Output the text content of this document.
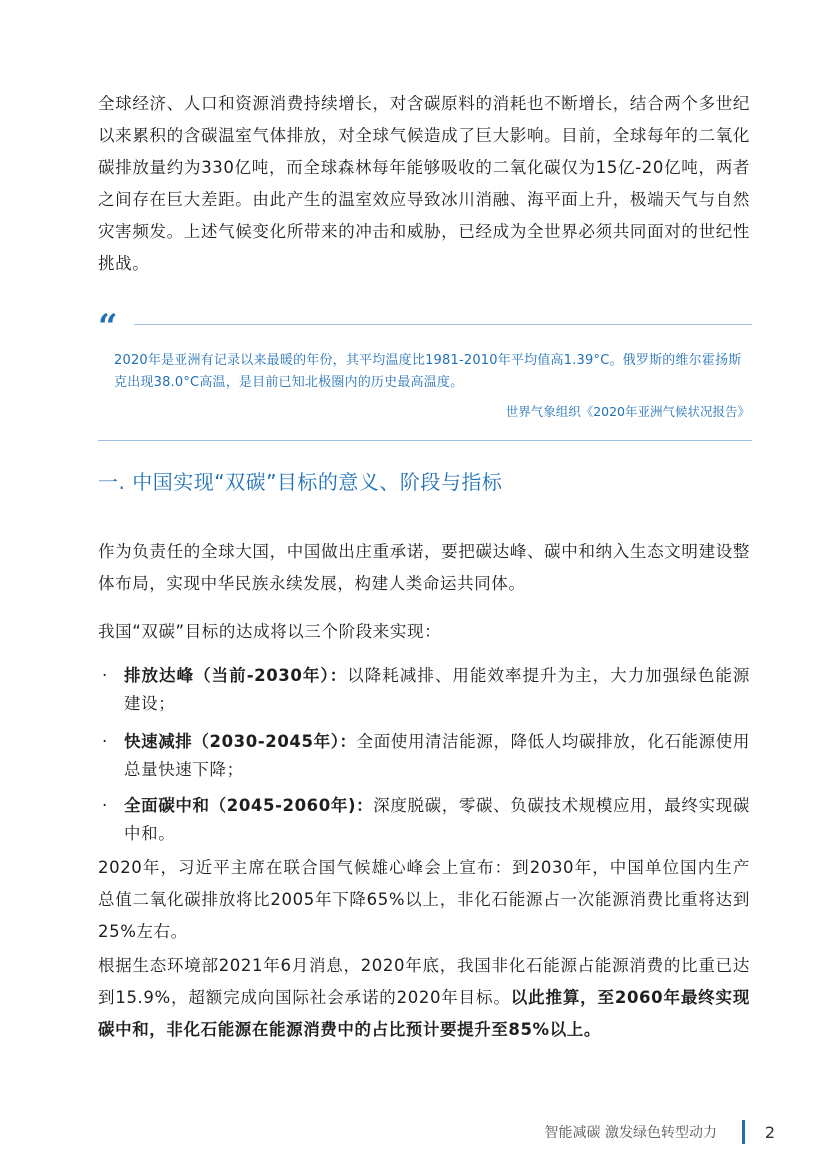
全球经济、人口和资源消费持续增长，对含碳原料的消耗也不断增长，结合两个多世纪以来累积的含碳温室气体排放，对全球气候造成了巨大影响。目前，全球每年的二氧化碳排放量约为330亿吨，而全球森林每年能够吸收的二氧化碳仅为15亿-20亿吨，两者之间存在巨大差距。由此产生的温室效应导致冰川消融、海平面上升，极端天气与自然灾害频发。上述气候变化所带来的冲击和威胁，已经成为全世界必须共同面对的世纪性挑战。

“

2020年是亚洲有记录以来最暖的年份，其平均温度比1981-2010年平均值高1.39°C。俄罗斯的维尔霍扬斯克出现38.0°C高温，是目前已知北极圈内的历史最高温度。

世界气象组织《2020年亚洲气候状况报告》
一. 中国实现“双碳”目标的意义、阶段与指标

作为负责任的全球大国，中国做出庄重承诺，要把碳达峰、碳中和纳入生态文明建设整体布局，实现中华民族永续发展，构建人类命运共同体。

我国“双碳”目标的达成将以三个阶段来实现：

· 排放达峰（当前-2030年）：以降耗减排、用能效率提升为主，大力加强绿色能源建设；
· 快速减排（2030-2045年）：全面使用清洁能源，降低人均碳排放，化石能源使用总量快速下降；
· 全面碳中和（2045-2060年)：深度脱碳，零碳、负碳技术规模应用，最终实现碳中和。

2020年，习近平主席在联合国气候雄心峰会上宣布：到2030年，中国单位国内生产总值二氧化碳排放将比2005年下降65%以上，非化石能源占一次能源消费比重将达到25%左右。

根据生态环境部2021年6月消息，2020年底，我国非化石能源占能源消费的比重已达到15.9%，超额完成向国际社会承诺的2020年目标。以此推算，至2060年最终实现碳中和，非化石能源在能源消费中的占比预计要提升至85%以上。

智能减碳 激发绿色转型动力	2
